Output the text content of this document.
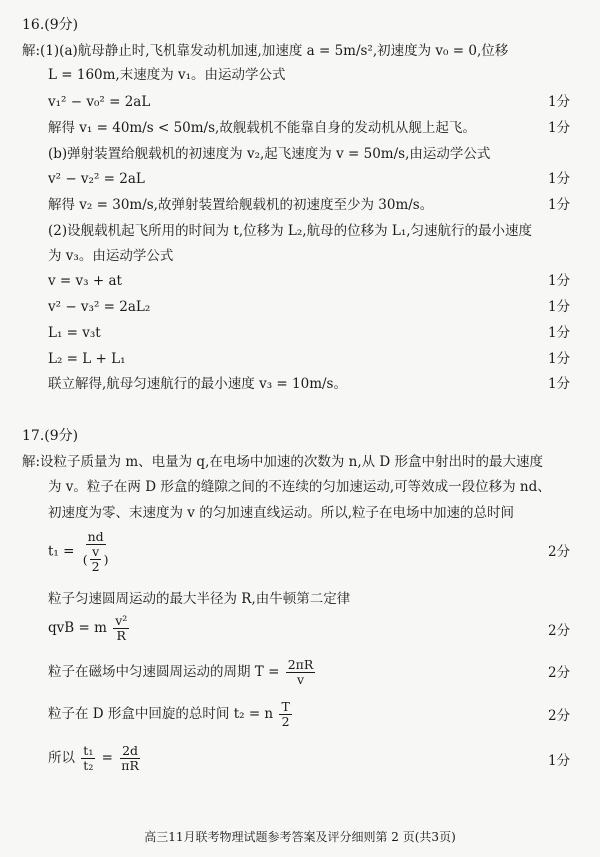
16.(9分)
解:(1)(a)航母静止时,飞机靠发动机加速,加速度 a = 5m/s²,初速度为 v₀ = 0,位移
L = 160m,末速度为 v₁。由运动学公式
v₁² − v₀² = 2aL	1分
解得 v₁ = 40m/s < 50m/s,故舰载机不能靠自身的发动机从舰上起飞。	1分
(b)弹射装置给舰载机的初速度为 v₂,起飞速度为 v = 50m/s,由运动学公式
v² − v₂² = 2aL	1分
解得 v₂ = 30m/s,故弹射装置给舰载机的初速度至少为 30m/s。	1分
(2)设舰载机起飞所用的时间为 t,位移为 L₂,航母的位移为 L₁,匀速航行的最小速度
为 v₃。由运动学公式
v = v₃ + at	1分
v² − v₃² = 2aL₂	1分
L₁ = v₃t	1分
L₂ = L + L₁	1分
联立解得,航母匀速航行的最小速度 v₃ = 10m/s。	1分
17.(9分)
解:设粒子质量为 m、电量为 q,在电场中加速的次数为 n,从 D 形盒中射出时的最大速度
为 v。粒子在两 D 形盒的缝隙之间的不连续的匀加速运动,可等效成一段位移为 nd、
初速度为零、末速度为 v 的匀加速直线运动。所以,粒子在电场中加速的总时间
$t_1 = \frac{nd}{( \frac{v}{2} )}$	2分
粒子匀速圆周运动的最大半径为 R,由牛顿第二定律
qvB = m $\frac{\text{v²}}{R}$	2分
粒子在磁场中匀速圆周运动的周期 $T = \frac{2\pi R}{v}$	2分
粒子在 D 形盒中回旋的总时间 t₂ = n $\frac{T}{2}$	2分
所以 $\frac{\text{t₁}}{\text{t₂}} = \frac{2d}{\pi R}$	1分
高三11月联考物理试题参考答案及评分细则第 2 页(共3页)
